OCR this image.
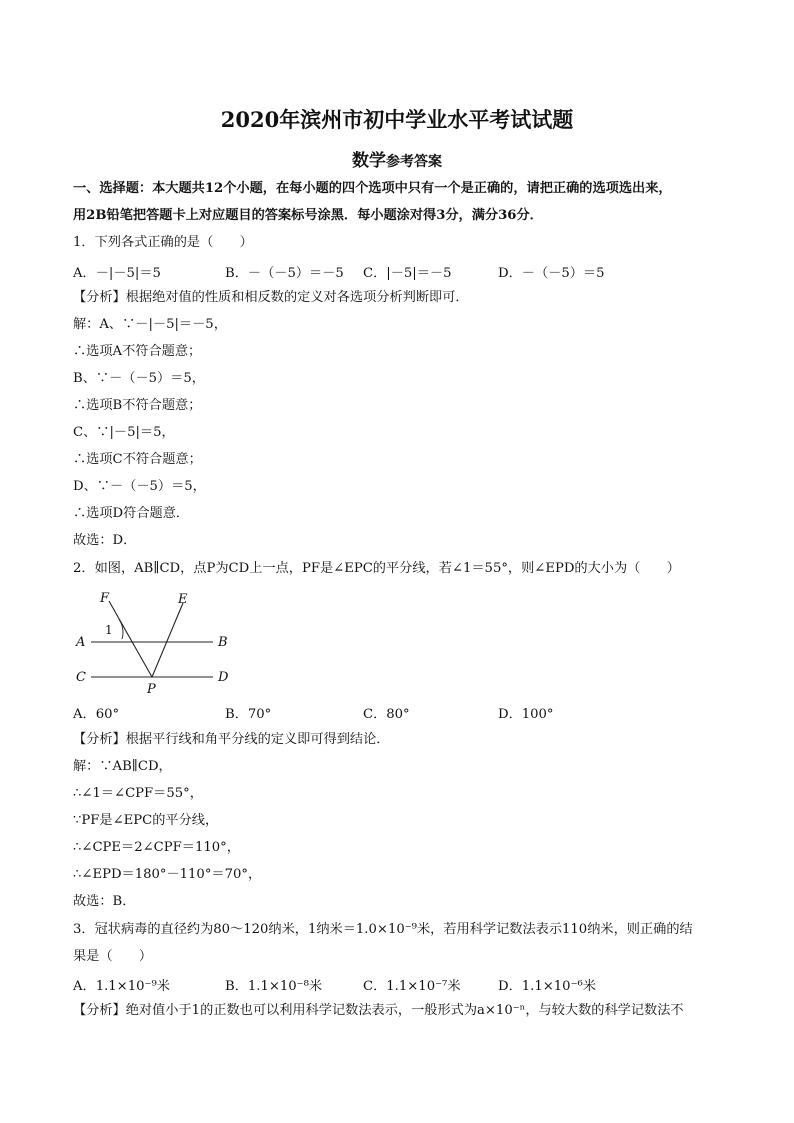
2020年滨州市初中学业水平考试试题
数学参考答案
一、选择题：本大题共12个小题，在每小题的四个选项中只有一个是正确的，请把正确的选项选出来，
用2B铅笔把答题卡上对应题目的答案标号涂黑．每小题涂对得3分，满分36分．
1．下列各式正确的是（　　）
A．－|－5|＝5	B．－（－5）＝－5 C．|－5|＝－5	D．－（－5）＝5
【分析】根据绝对值的性质和相反数的定义对各选项分析判断即可．
解：A、∵－|－5|＝－5，
∴选项A不符合题意；
B、∵－（－5）＝5，
∴选项B不符合题意；
C、∵|－5|＝5，
∴选项C不符合题意；
D、∵－（－5）＝5，
∴选项D符合题意．
故选：D．
2．如图，AB∥CD，点P为CD上一点，PF是∠EPC的平分线，若∠1＝55°，则∠EPD的大小为（　　）
F	E
1
A	B
C	D
P
A．60°	B．70°	C．80°	D．100°
【分析】根据平行线和角平分线的定义即可得到结论．
解：∵AB∥CD，
∴∠1＝∠CPF＝55°，
∵PF是∠EPC的平分线，
∴∠CPE＝2∠CPF＝110°，
∴∠EPD＝180°－110°＝70°，
故选：B．
3．冠状病毒的直径约为80～120纳米，1纳米＝1.0×10⁻⁹米，若用科学记数法表示110纳米，则正确的结
果是（　　）
A．1.1×10⁻⁹米	B．1.1×10⁻⁸米	C．1.1×10⁻⁷米	D．1.1×10⁻⁶米
【分析】绝对值小于1的正数也可以利用科学记数法表示，一般形式为a×10⁻ⁿ，与较大数的科学记数法不
